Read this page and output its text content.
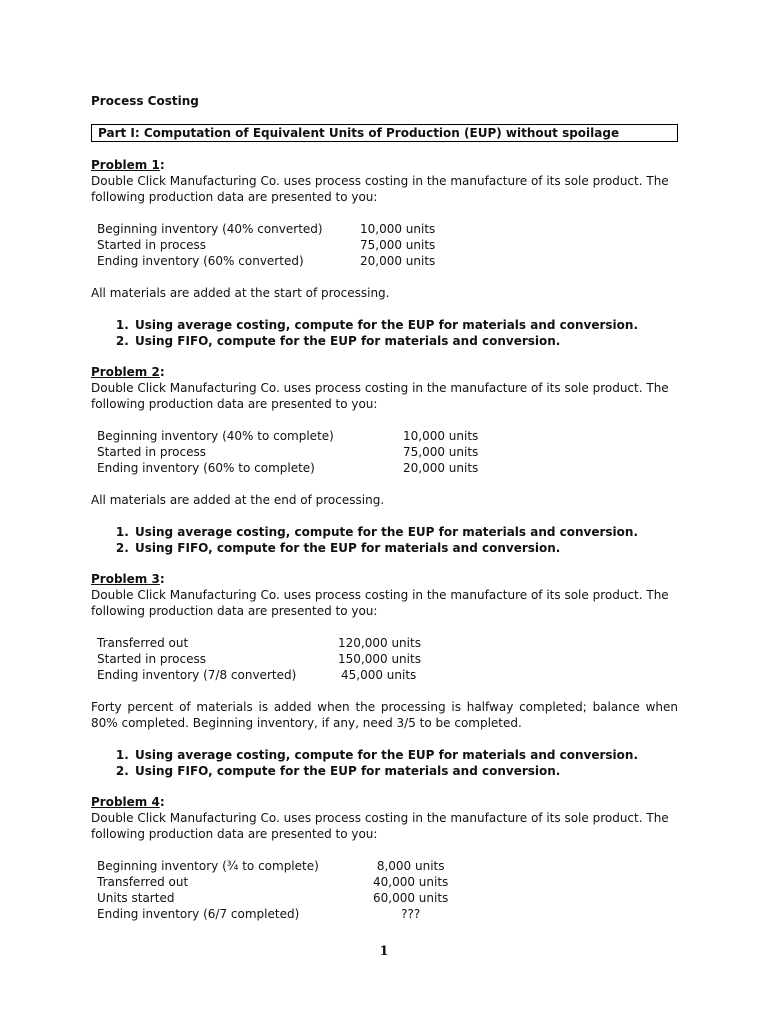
Process Costing
Part I: Computation of Equivalent Units of Production (EUP) without spoilage
Problem 1:
Double Click Manufacturing Co. uses process costing in the manufacture of its sole product. The following production data are presented to you:
Beginning inventory (40% converted)	10,000 units
Started in process	75,000 units
Ending inventory (60% converted)	20,000 units
All materials are added at the start of processing.
1. Using average costing, compute for the EUP for materials and conversion.
2. Using FIFO, compute for the EUP for materials and conversion.
Problem 2:
Double Click Manufacturing Co. uses process costing in the manufacture of its sole product. The following production data are presented to you:
Beginning inventory (40% to complete)	10,000 units
Started in process	75,000 units
Ending inventory (60% to complete)	20,000 units
All materials are added at the end of processing.
1. Using average costing, compute for the EUP for materials and conversion.
2. Using FIFO, compute for the EUP for materials and conversion.
Problem 3:
Double Click Manufacturing Co. uses process costing in the manufacture of its sole product. The following production data are presented to you:
Transferred out	120,000 units
Started in process	150,000 units
Ending inventory (7/8 converted)	45,000 units
Forty percent of materials is added when the processing is halfway completed; balance when 80% completed. Beginning inventory, if any, need 3/5 to be completed.
1. Using average costing, compute for the EUP for materials and conversion.
2. Using FIFO, compute for the EUP for materials and conversion.
Problem 4:
Double Click Manufacturing Co. uses process costing in the manufacture of its sole product. The following production data are presented to you:
Beginning inventory (¾ to complete)	8,000 units
Transferred out	40,000 units
Units started	60,000 units
Ending inventory (6/7 completed)	???
1
